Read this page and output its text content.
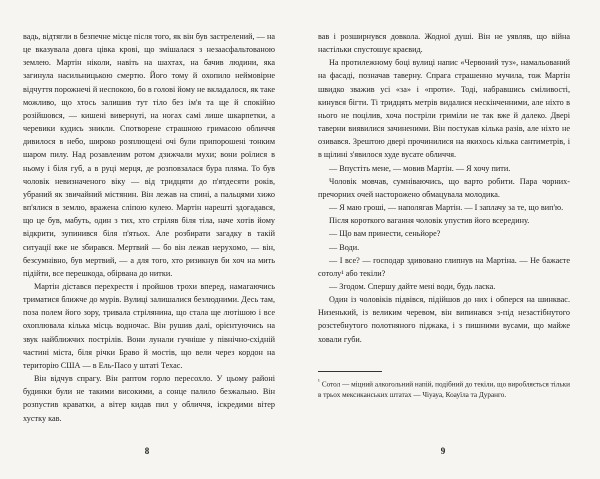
вадь, відтягли в безпечне місце після того, як він був застрелений, — на це вказувала довга цівка крові, що змішалася з незаасфальтованою землею. Мартін ніколи, навіть на шахтах, на бачив людини, яка загинула насильницькою смертю. Його тому й охопило неймовірне відчуття порожнечі й неспокою, бо в голові йому не вкладалося, як таке можливо, що хтось залишив тут тіло без ім'я та ще й спокійно розійшовся, — кишені вивернуті, на ногах самі лише шкарпетки, а черевики кудись зникли. Спотворене страшною гримасою обличчя дивилося в небо, широко розплющені очі були припорошені тонким шаром пилу. Над розавленим ротом дзижчали мухи; вони роїлися в ньому і біля губ, а в руці мерця, де розповзалася бура пляма. То був чоловік невизначеного віку — від тридцяти до п'ятдесяти років, убраний як звичайний містянин. Він лежав на спині, а пальцями хижо вп'ялися в землю, вражена сліпою кулею. Мартін нарешті здогадався, що це був, мабуть, один з тих, хто стріляв біля тіла, наче хотів йому відкрити, зупинився біля п'ятьох. Але розбирати загадку в такій ситуації вже не збирався. Мертвий — бо він лежав нерухомо, — він, безсумнівно, був мертвий, — а для того, хто ризикнув би хоч на мить підійти, все перешкода, обірвана до нитки.

Мартін дістався перехрестя і пройшов трохи вперед, намагаючись триматися ближче до мурів. Вулиці залишалися безлюдними. Десь там, поза полем його зору, тривала стрілянина, що стала ще лютішою і все охоплювала кілька місць водночас. Він рушив далі, орієнтуючись на звук найближчих пострілів. Вони лунали гучніше у північно-східній частині міста, біля річки Браво й мостів, що вели через кордон на територію США — в Ель-Пасо у штаті Техас.

Він відчув спрагу. Він раптом горло пересохло. У цьому районі будинки були не такими високими, а сонце палило безжально. Він розпустив краватки, а вітер кидав пил у обличчя, іскредими вітер хустку кав.

вав і розширнувся довкола. Жодної душі. Він не уявляв, що війна настільки спустошує краєвид.

На протилежному боці вулиці напис «Червоний туз», намальований на фасаді, позначав таверну. Спрага страшенно мучила, тож Мартін швидко зважив усі «за» і «проти». Тоді, набравшись сміливості, кинувся бігти. Ті тридцять метрів видалися нескінченними, але ніхто в нього не поцілив, хоча постріли гриміли не так вже й далеко. Двері таверни виявилися зачиненими. Він постукав кілька разів, але ніхто не озивався. Зрештою двері прочинилися на якихось кілька сантиметрів, і в щілині з'явилося худе вусате обличчя.

— Впустіть мене, — мовив Мартін. — Я хочу пити.

Чоловік мовчав, сумніваючись, що варто робити. Пара чорних-пречорних очей насторожено обмацувала молодика.

— Я маю гроші, — наполягав Мартін. — І заплачу за те, що вип'ю.

Після короткого вагання чоловік упустив його всередину.

— Що вам принести, сеньйоре?

— Води.

— І все? — господар здивовано глипнув на Мартіна. — Не бажаєте сотолу¹ або текіли?

— Згодом. Спершу дайте мені води, будь ласка.

Один із чоловіків підвівся, підійшов до них і обперся на шинквас. Низенький, із великим черевом, він випинався з-під незастібнутого розстебнутого полотняного піджака, і з пишними вусами, що майже ховали губи.

$^{^1}$ Сотол — міцний алкогольний напій, подібний до текіли, що виробляється тільки в трьох мексиканських штатах — Чіуауа, Коауїла та Дуранго.
8	9
